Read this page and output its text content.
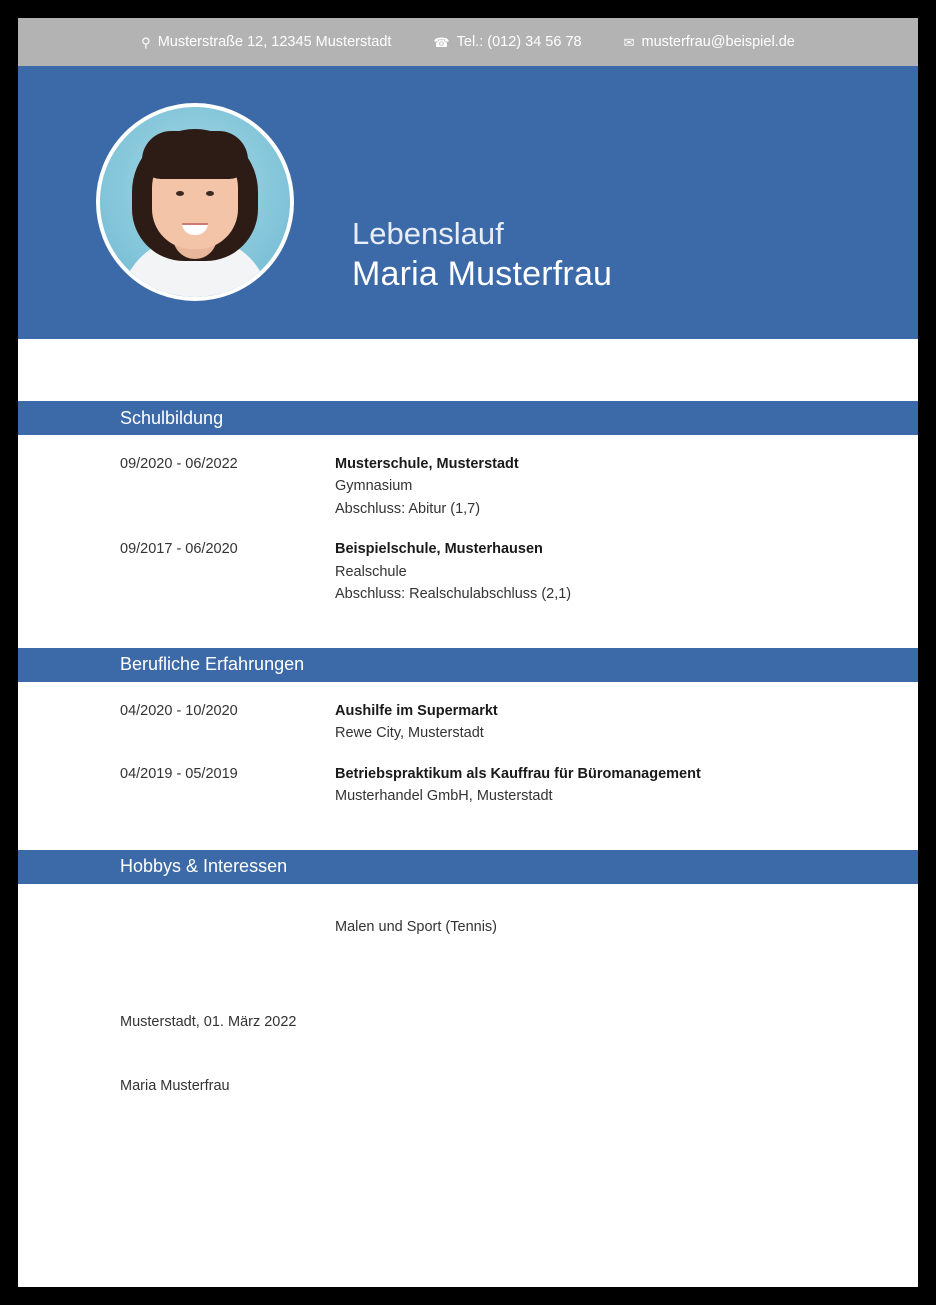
⚲ Musterstraße 12, 12345 Musterstadt	☎ Tel.: (012) 34 56 78	✉ musterfrau@beispiel.de
Lebenslauf
Maria Musterfrau
Schulbildung
09/2020 - 06/2022	Musterschule, Musterstadt
Gymnasium
Abschluss: Abitur (1,7)
09/2017 - 06/2020	Beispielschule, Musterhausen
Realschule
Abschluss: Realschulabschluss (2,1)
Berufliche Erfahrungen
04/2020 - 10/2020	Aushilfe im Supermarkt
Rewe City, Musterstadt
04/2019 - 05/2019	Betriebspraktikum als Kauffrau für Büromanagement
Musterhandel GmbH, Musterstadt
Hobbys & Interessen
Malen und Sport (Tennis)
Musterstadt, 01. März 2022
Maria Musterfrau
